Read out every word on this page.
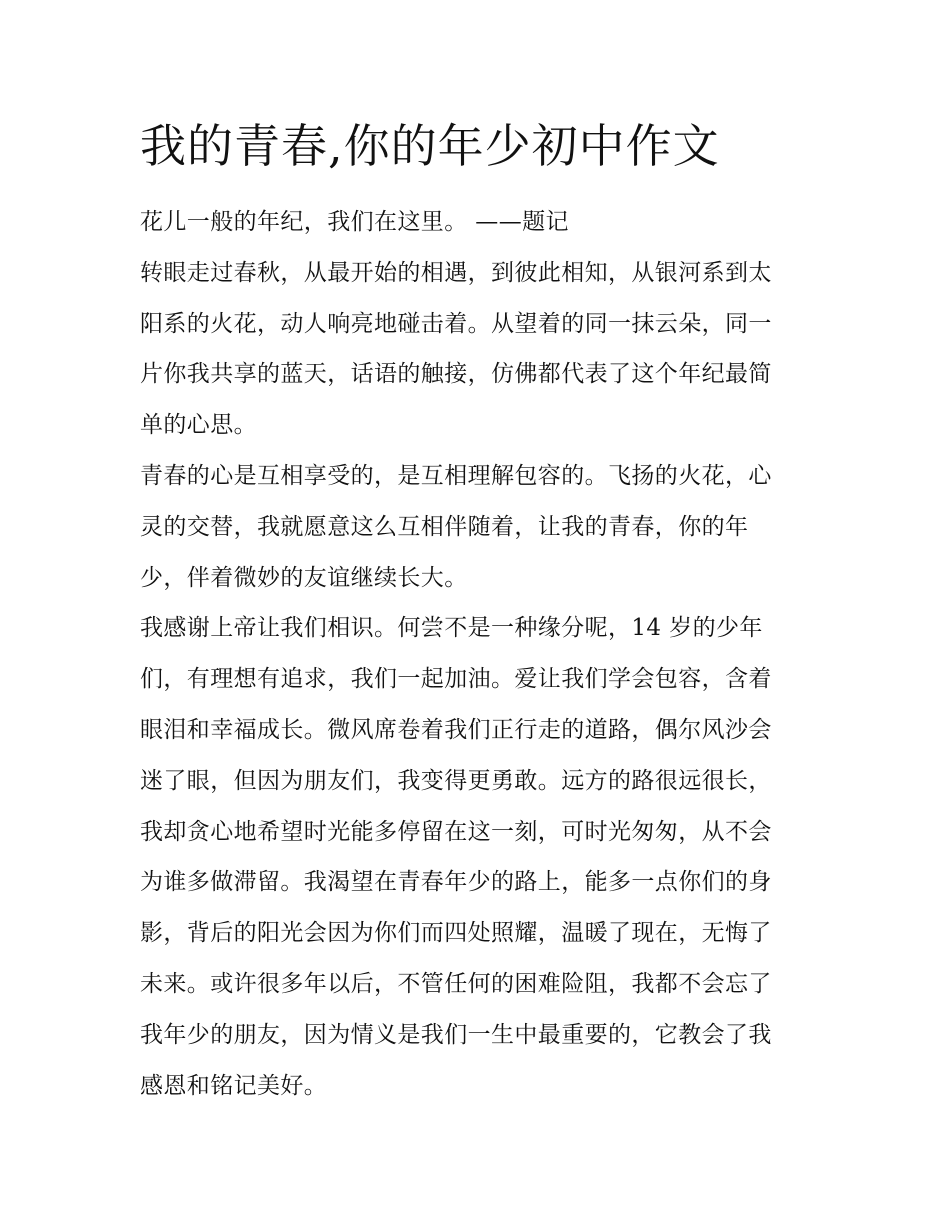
我的青春,你的年少初中作文
花儿一般的年纪，我们在这里。 ——题记
转眼走过春秋，从最开始的相遇，到彼此相知，从银河系到太
阳系的火花，动人响亮地碰击着。从望着的同一抹云朵，同一
片你我共享的蓝天，话语的触接，仿佛都代表了这个年纪最简
单的心思。
青春的心是互相享受的，是互相理解包容的。飞扬的火花，心
灵的交替，我就愿意这么互相伴随着，让我的青春，你的年
少，伴着微妙的友谊继续长大。
我感谢上帝让我们相识。何尝不是一种缘分呢，14 岁的少年
们，有理想有追求，我们一起加油。爱让我们学会包容，含着
眼泪和幸福成长。微风席卷着我们正行走的道路，偶尔风沙会
迷了眼，但因为朋友们，我变得更勇敢。远方的路很远很长，
我却贪心地希望时光能多停留在这一刻，可时光匆匆，从不会
为谁多做滞留。我渴望在青春年少的路上，能多一点你们的身
影，背后的阳光会因为你们而四处照耀，温暖了现在，无悔了
未来。或许很多年以后，不管任何的困难险阻，我都不会忘了
我年少的朋友，因为情义是我们一生中最重要的，它教会了我
感恩和铭记美好。
